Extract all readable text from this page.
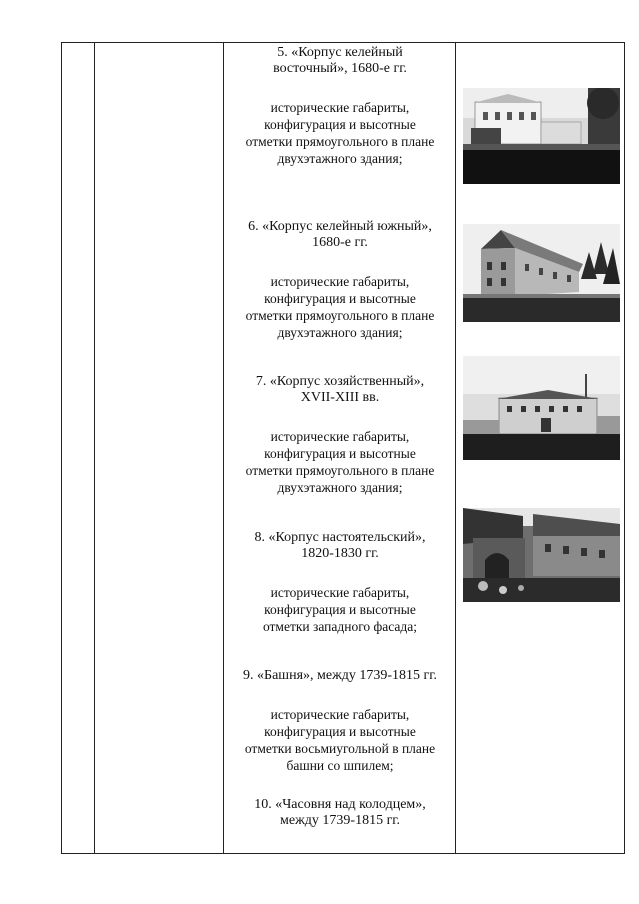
5. «Корпус келейный

восточный», 1680-е гг.

исторические габариты,

конфигурация и высотные

отметки прямоугольного в плане

двухэтажного здания;

6. «Корпус келейный южный»,

1680-е гг.

исторические габариты,

конфигурация и высотные

отметки прямоугольного в плане

двухэтажного здания;

7. «Корпус хозяйственный»,

XVII-XIII вв.

исторические габариты,

конфигурация и высотные

отметки прямоугольного в плане

двухэтажного здания;

8. «Корпус настоятельский»,

1820-1830 гг.

исторические габариты,

конфигурация и высотные

отметки западного фасада;

9. «Башня», между 1739-1815 гг.

исторические габариты,

конфигурация и высотные

отметки восьмиугольной в плане

башни со шпилем;

10. «Часовня над колодцем»,

между 1739-1815 гг.
